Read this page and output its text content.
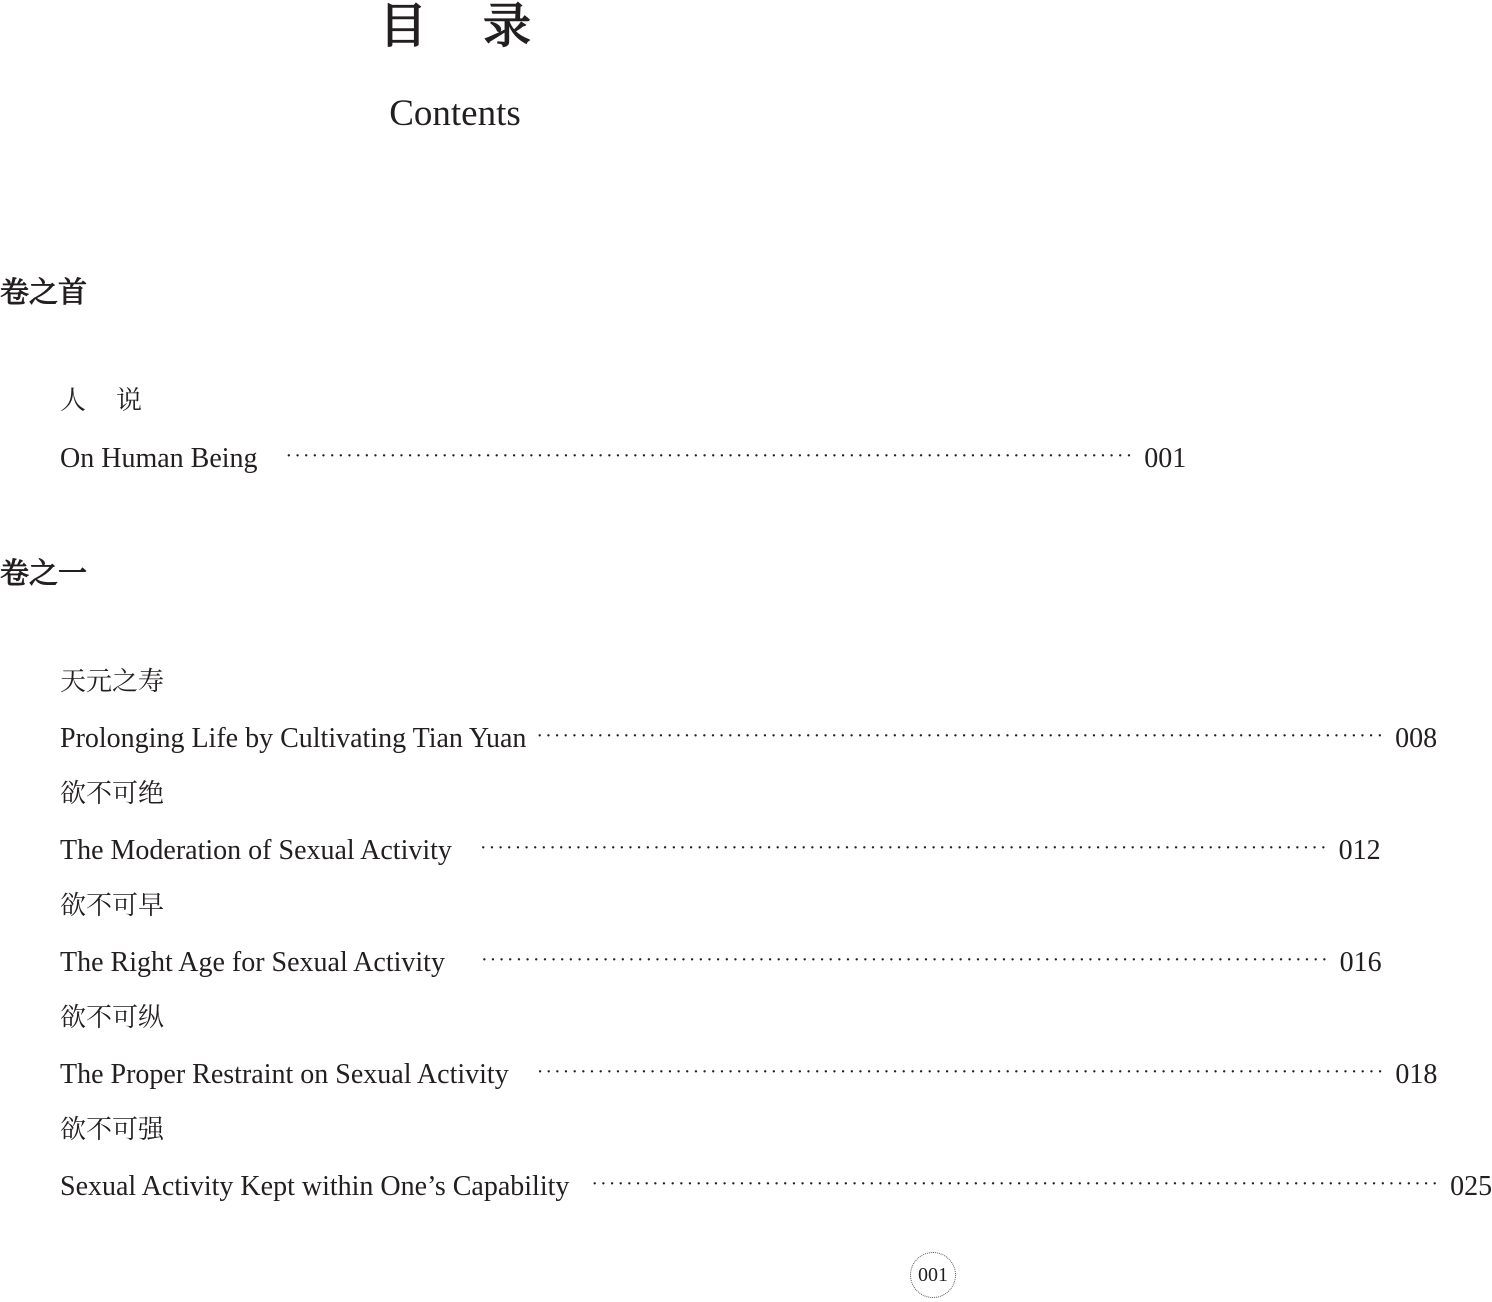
目录
Contents
卷之首
人说
On Human Being ·································································································· 001
卷之一
天元之寿
Prolonging Life by Cultivating Tian Yuan ·································································································· 008
欲不可绝
The Moderation of Sexual Activity ·································································································· 012
欲不可早
The Right Age for Sexual Activity ·································································································· 016
欲不可纵
The Proper Restraint on Sexual Activity ·································································································· 018
欲不可强
Sexual Activity Kept within One’s Capability ·································································································· 025
001
